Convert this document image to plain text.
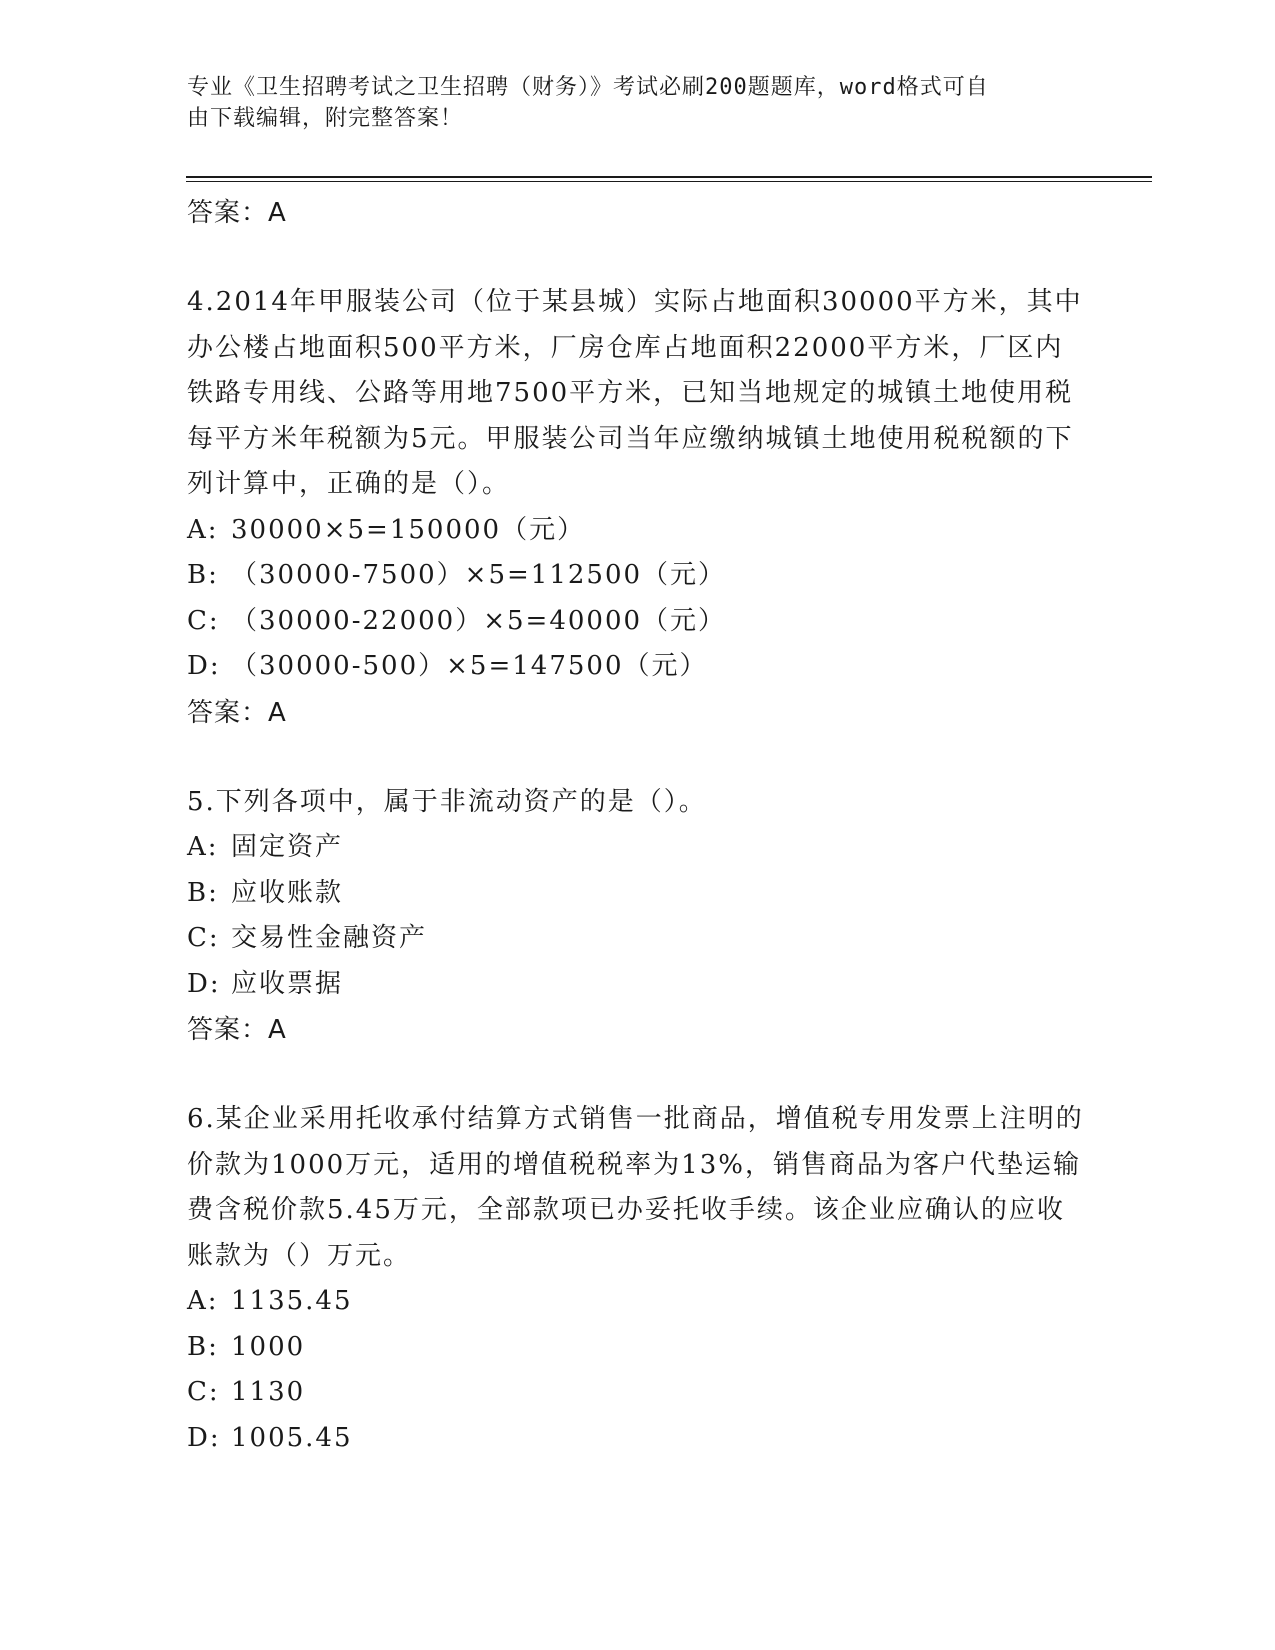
专业《卫生招聘考试之卫生招聘（财务）》考试必刷200题题库，word格式可自
由下载编辑，附完整答案！
答案：A
4.2014年甲服装公司（位于某县城）实际占地面积30000平方米，其中办公楼占地面积500平方米，厂房仓库占地面积22000平方米，厂区内铁路专用线、公路等用地7500平方米，已知当地规定的城镇土地使用税每平方米年税额为5元。甲服装公司当年应缴纳城镇土地使用税税额的下列计算中，正确的是（）。
A: 30000×5=150000（元）
B: （30000-7500）×5=112500（元）
C: （30000-22000）×5=40000（元）
D: （30000-500）×5=147500（元）
答案：A
5.下列各项中，属于非流动资产的是（）。
A: 固定资产
B: 应收账款
C: 交易性金融资产
D: 应收票据
答案：A
6.某企业采用托收承付结算方式销售一批商品，增值税专用发票上注明的价款为1000万元，适用的增值税税率为13%，销售商品为客户代垫运输费含税价款5.45万元，全部款项已办妥托收手续。该企业应确认的应收账款为（）万元。
A: 1135.45
B: 1000
C: 1130
D: 1005.45
